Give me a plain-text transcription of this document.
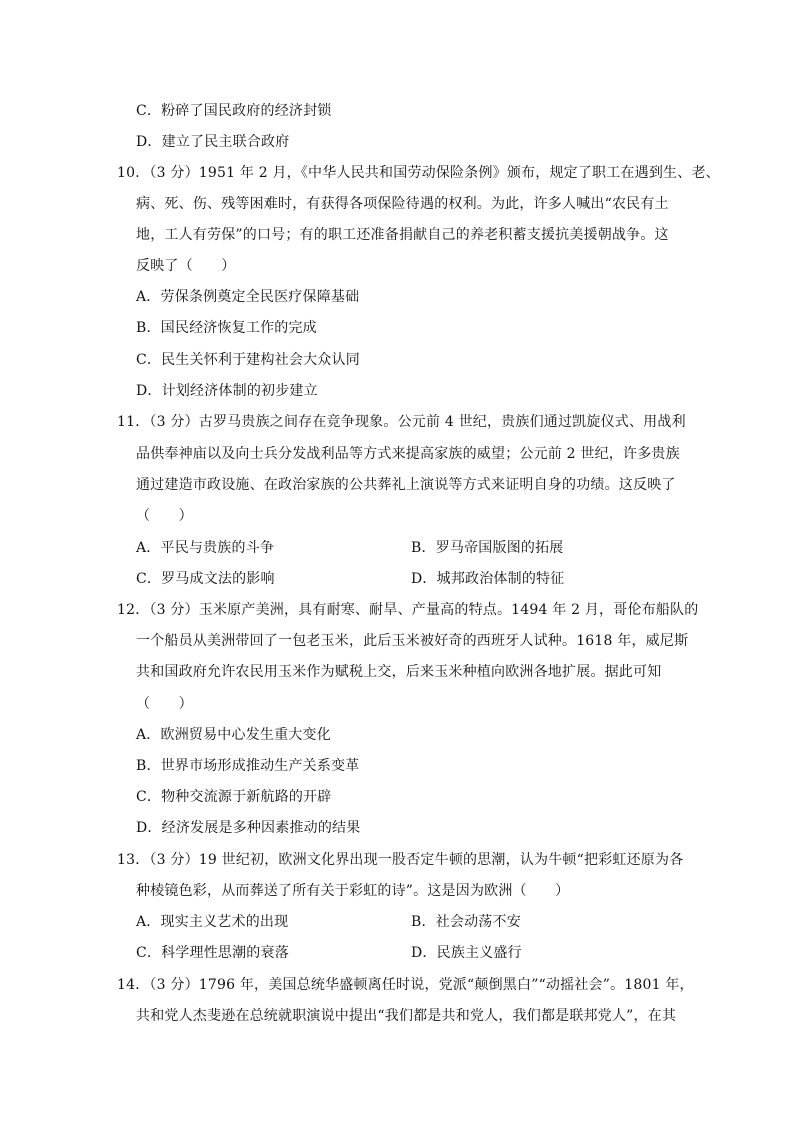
C．粉碎了国民政府的经济封锁
D．建立了民主联合政府
10．（3 分）1951 年 2 月，《中华人民共和国劳动保险条例》颁布，规定了职工在遇到生、老、
病、死、伤、残等困难时，有获得各项保险待遇的权利。为此，许多人喊出“农民有土
地，工人有劳保”的口号；有的职工还准备捐献自己的养老积蓄支援抗美援朝战争。这
反映了（　　）
A．劳保条例奠定全民医疗保障基础
B．国民经济恢复工作的完成
C．民生关怀利于建构社会大众认同
D．计划经济体制的初步建立
11．（3 分）古罗马贵族之间存在竞争现象。公元前 4 世纪，贵族们通过凯旋仪式、用战利
品供奉神庙以及向士兵分发战利品等方式来提高家族的威望；公元前 2 世纪，许多贵族
通过建造市政设施、在政治家族的公共葬礼上演说等方式来证明自身的功绩。这反映了
（　　）
A．平民与贵族的斗争	B．罗马帝国版图的拓展
C．罗马成文法的影响	D．城邦政治体制的特征
12．（3 分）玉米原产美洲，具有耐寒、耐旱、产量高的特点。1494 年 2 月，哥伦布船队的
一个船员从美洲带回了一包老玉米，此后玉米被好奇的西班牙人试种。1618 年，威尼斯
共和国政府允许农民用玉米作为赋税上交，后来玉米种植向欧洲各地扩展。据此可知
（　　）
A．欧洲贸易中心发生重大变化
B．世界市场形成推动生产关系变革
C．物种交流源于新航路的开辟
D．经济发展是多种因素推动的结果
13．（3 分）19 世纪初，欧洲文化界出现一股否定牛顿的思潮，认为牛顿“把彩虹还原为各
种棱镜色彩，从而葬送了所有关于彩虹的诗”。这是因为欧洲（　　）
A．现实主义艺术的出现	B．社会动荡不安
C．科学理性思潮的衰落	D．民族主义盛行
14．（3 分）1796 年，美国总统华盛顿离任时说，党派“颠倒黑白”“动摇社会”。1801 年，
共和党人杰斐逊在总统就职演说中提出“我们都是共和党人，我们都是联邦党人”，在其
